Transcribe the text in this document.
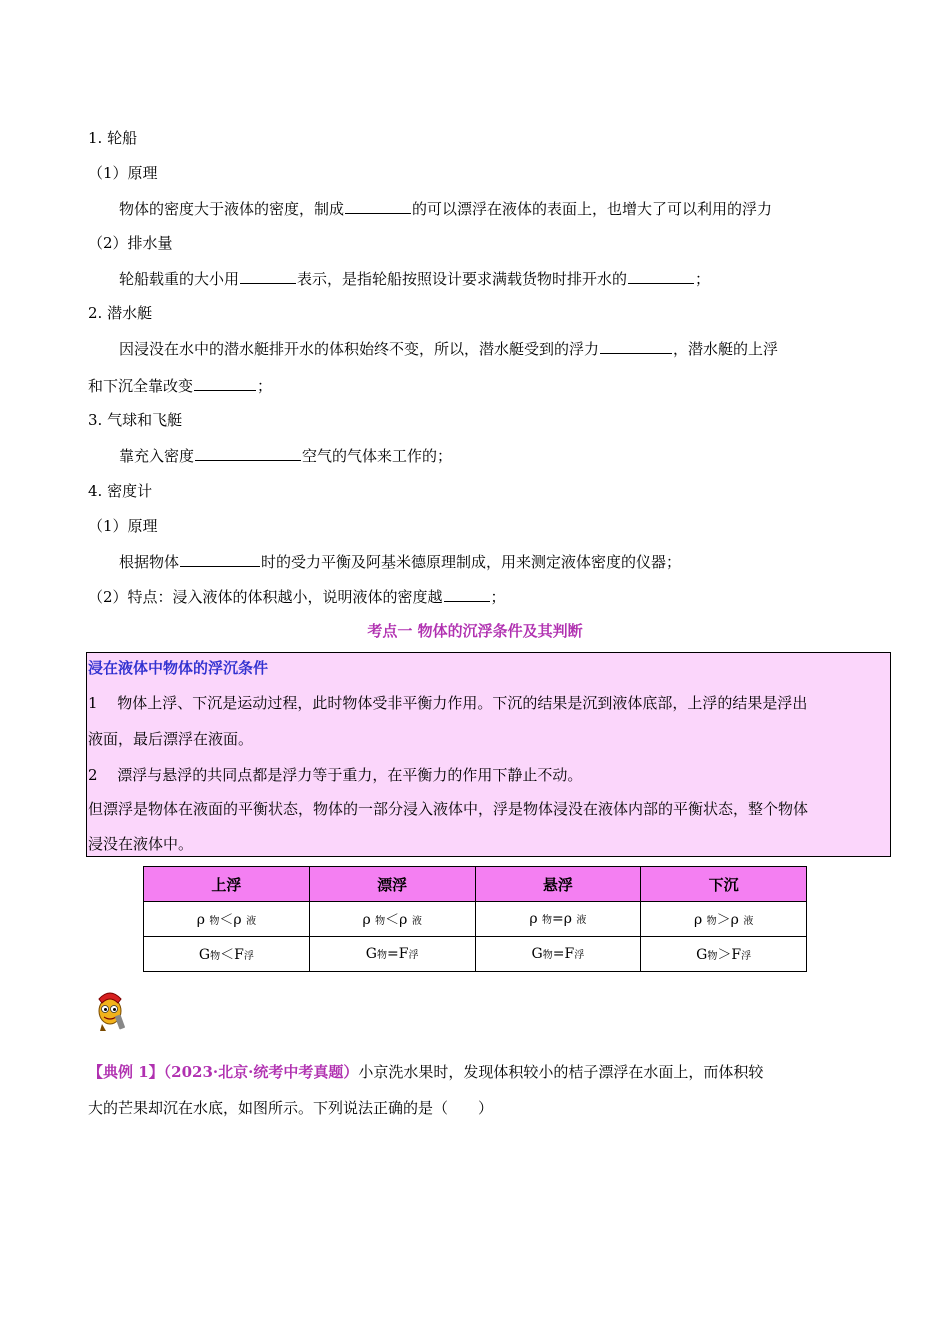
1. 轮船
（1）原理
物体的密度大于液体的密度，制成	的可以漂浮在液体的表面上，也增大了可以利用的浮力
（2）排水量
轮船载重的大小用	表示，是指轮船按照设计要求满载货物时排开水的	；
2. 潜水艇
因浸没在水中的潜水艇排开水的体积始终不变，所以，潜水艇受到的浮力	，潜水艇的上浮
和下沉全靠改变	；
3. 气球和飞艇
靠充入密度	空气的气体来工作的；
4. 密度计
（1）原理
根据物体	时的受力平衡及阿基米德原理制成，用来测定液体密度的仪器；
（2）特点：浸入液体的体积越小，说明液体的密度越	；
考点一 物体的沉浮条件及其判断
浸在液体中物体的浮沉条件
1　 物体上浮、下沉是运动过程，此时物体受非平衡力作用。下沉的结果是沉到液体底部，上浮的结果是浮出
液面，最后漂浮在液面。
2　 漂浮与悬浮的共同点都是浮力等于重力，在平衡力的作用下静止不动。
但漂浮是物体在液面的平衡状态，物体的一部分浸入液体中，浮是物体浸没在液体内部的平衡状态，整个物体
浸没在液体中。
上浮	漂浮	悬浮	下沉
ρ 物＜ρ 液	ρ 物＜ρ 液	ρ 物=ρ 液	ρ 物＞ρ 液
G物＜F浮	G物=F浮	G物=F浮	G物＞F浮
【典例 1】（2023·北京·统考中考真题）小京洗水果时，发现体积较小的桔子漂浮在水面上，而体积较
大的芒果却沉在水底，如图所示。下列说法正确的是（　　）
